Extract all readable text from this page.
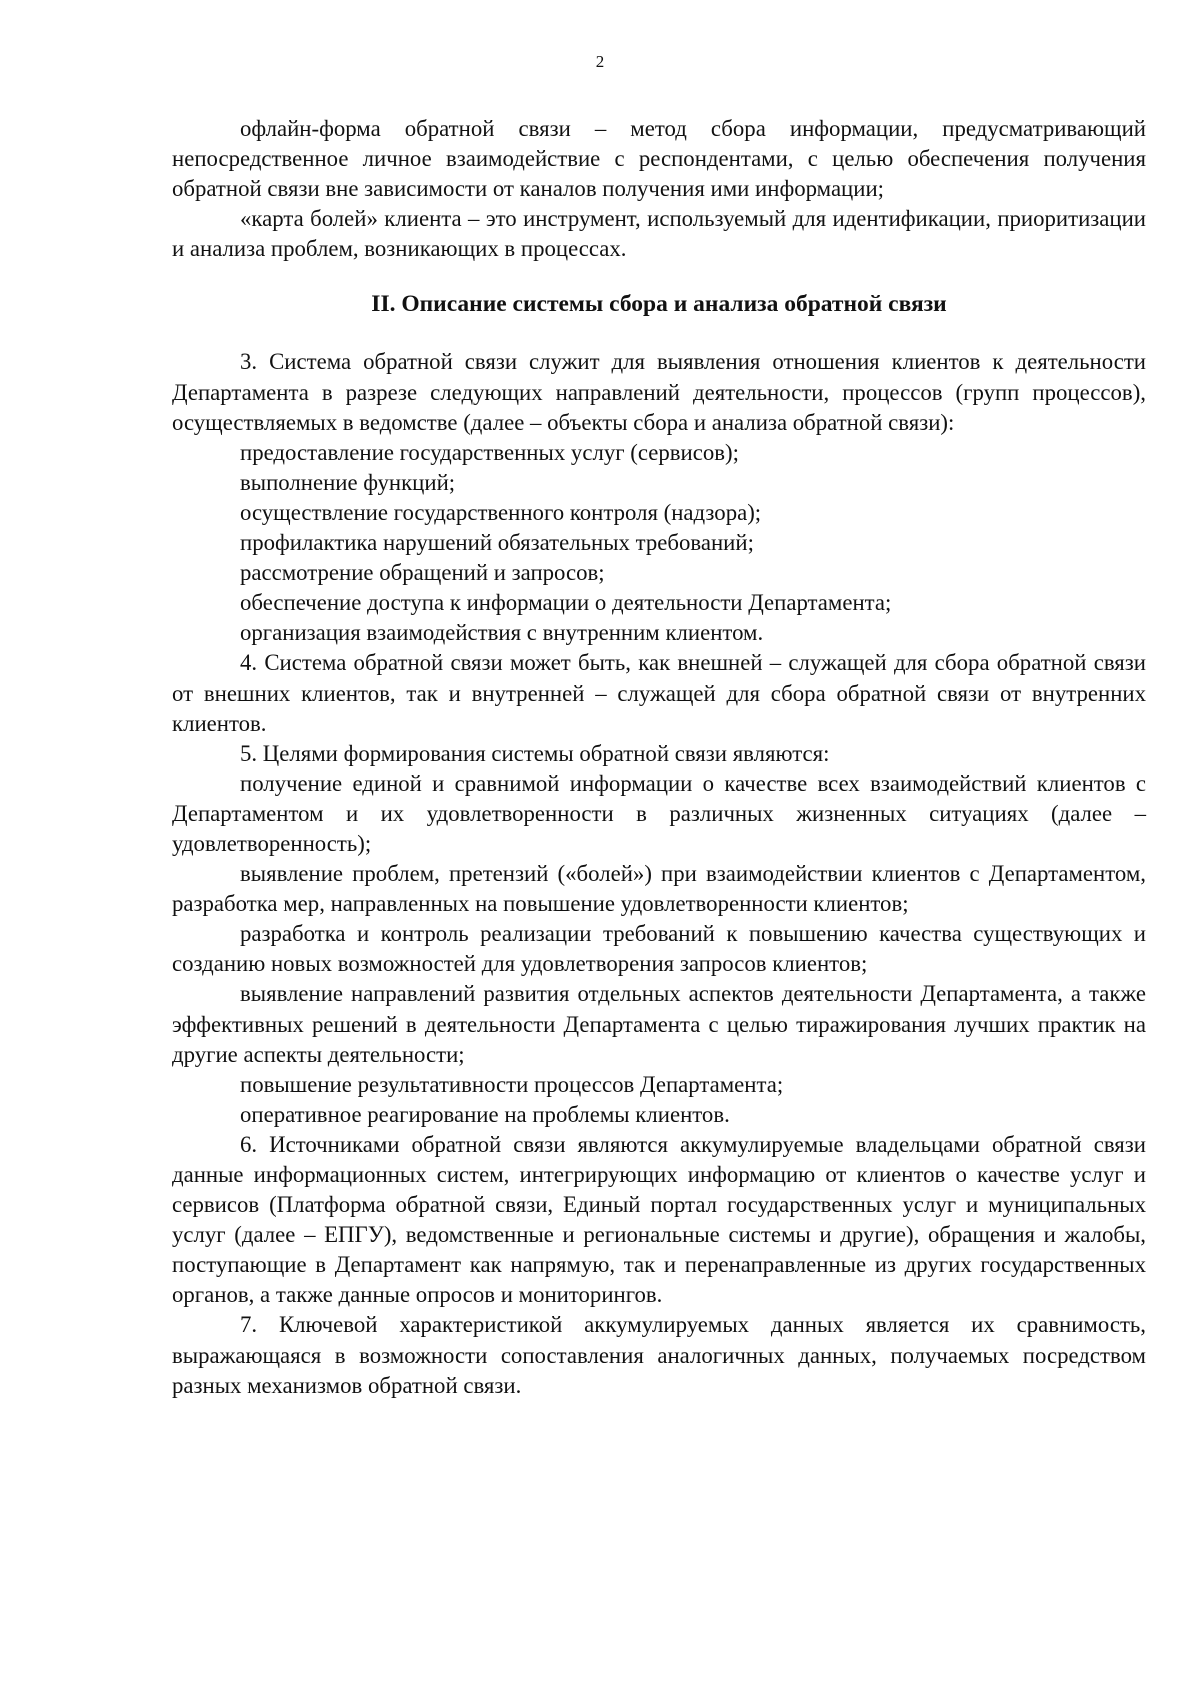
2

офлайн-форма обратной связи – метод сбора информации, предусматривающий непосредственное личное взаимодействие с респондентами, с целью обеспечения получения обратной связи вне зависимости от каналов получения ими информации;

«карта болей» клиента – это инструмент, используемый для идентификации, приоритизации и анализа проблем, возникающих в процессах.

II. Описание системы сбора и анализа обратной связи

3. Система обратной связи служит для выявления отношения клиентов к деятельности Департамента в разрезе следующих направлений деятельности, процессов (групп процессов), осуществляемых в ведомстве (далее – объекты сбора и анализа обратной связи):

предоставление государственных услуг (сервисов);

выполнение функций;

осуществление государственного контроля (надзора);

профилактика нарушений обязательных требований;

рассмотрение обращений и запросов;

обеспечение доступа к информации о деятельности Департамента;

организация взаимодействия с внутренним клиентом.

4. Система обратной связи может быть, как внешней – служащей для сбора обратной связи от внешних клиентов, так и внутренней – служащей для сбора обратной связи от внутренних клиентов.

5. Целями формирования системы обратной связи являются:

получение единой и сравнимой информации о качестве всех взаимодействий клиентов с Департаментом и их удовлетворенности в различных жизненных ситуациях (далее – удовлетворенность);

выявление проблем, претензий («болей») при взаимодействии клиентов с Департаментом, разработка мер, направленных на повышение удовлетворенности клиентов;

разработка и контроль реализации требований к повышению качества существующих и созданию новых возможностей для удовлетворения запросов клиентов;

выявление направлений развития отдельных аспектов деятельности Департамента, а также эффективных решений в деятельности Департамента с целью тиражирования лучших практик на другие аспекты деятельности;

повышение результативности процессов Департамента;

оперативное реагирование на проблемы клиентов.

6. Источниками обратной связи являются аккумулируемые владельцами обратной связи данные информационных систем, интегрирующих информацию от клиентов о качестве услуг и сервисов (Платформа обратной связи, Единый портал государственных услуг и муниципальных услуг (далее – ЕПГУ), ведомственные и региональные системы и другие), обращения и жалобы, поступающие в Департамент как напрямую, так и перенаправленные из других государственных органов, а также данные опросов и мониторингов.

7. Ключевой характеристикой аккумулируемых данных является их сравнимость, выражающаяся в возможности сопоставления аналогичных данных, получаемых посредством разных механизмов обратной связи.
